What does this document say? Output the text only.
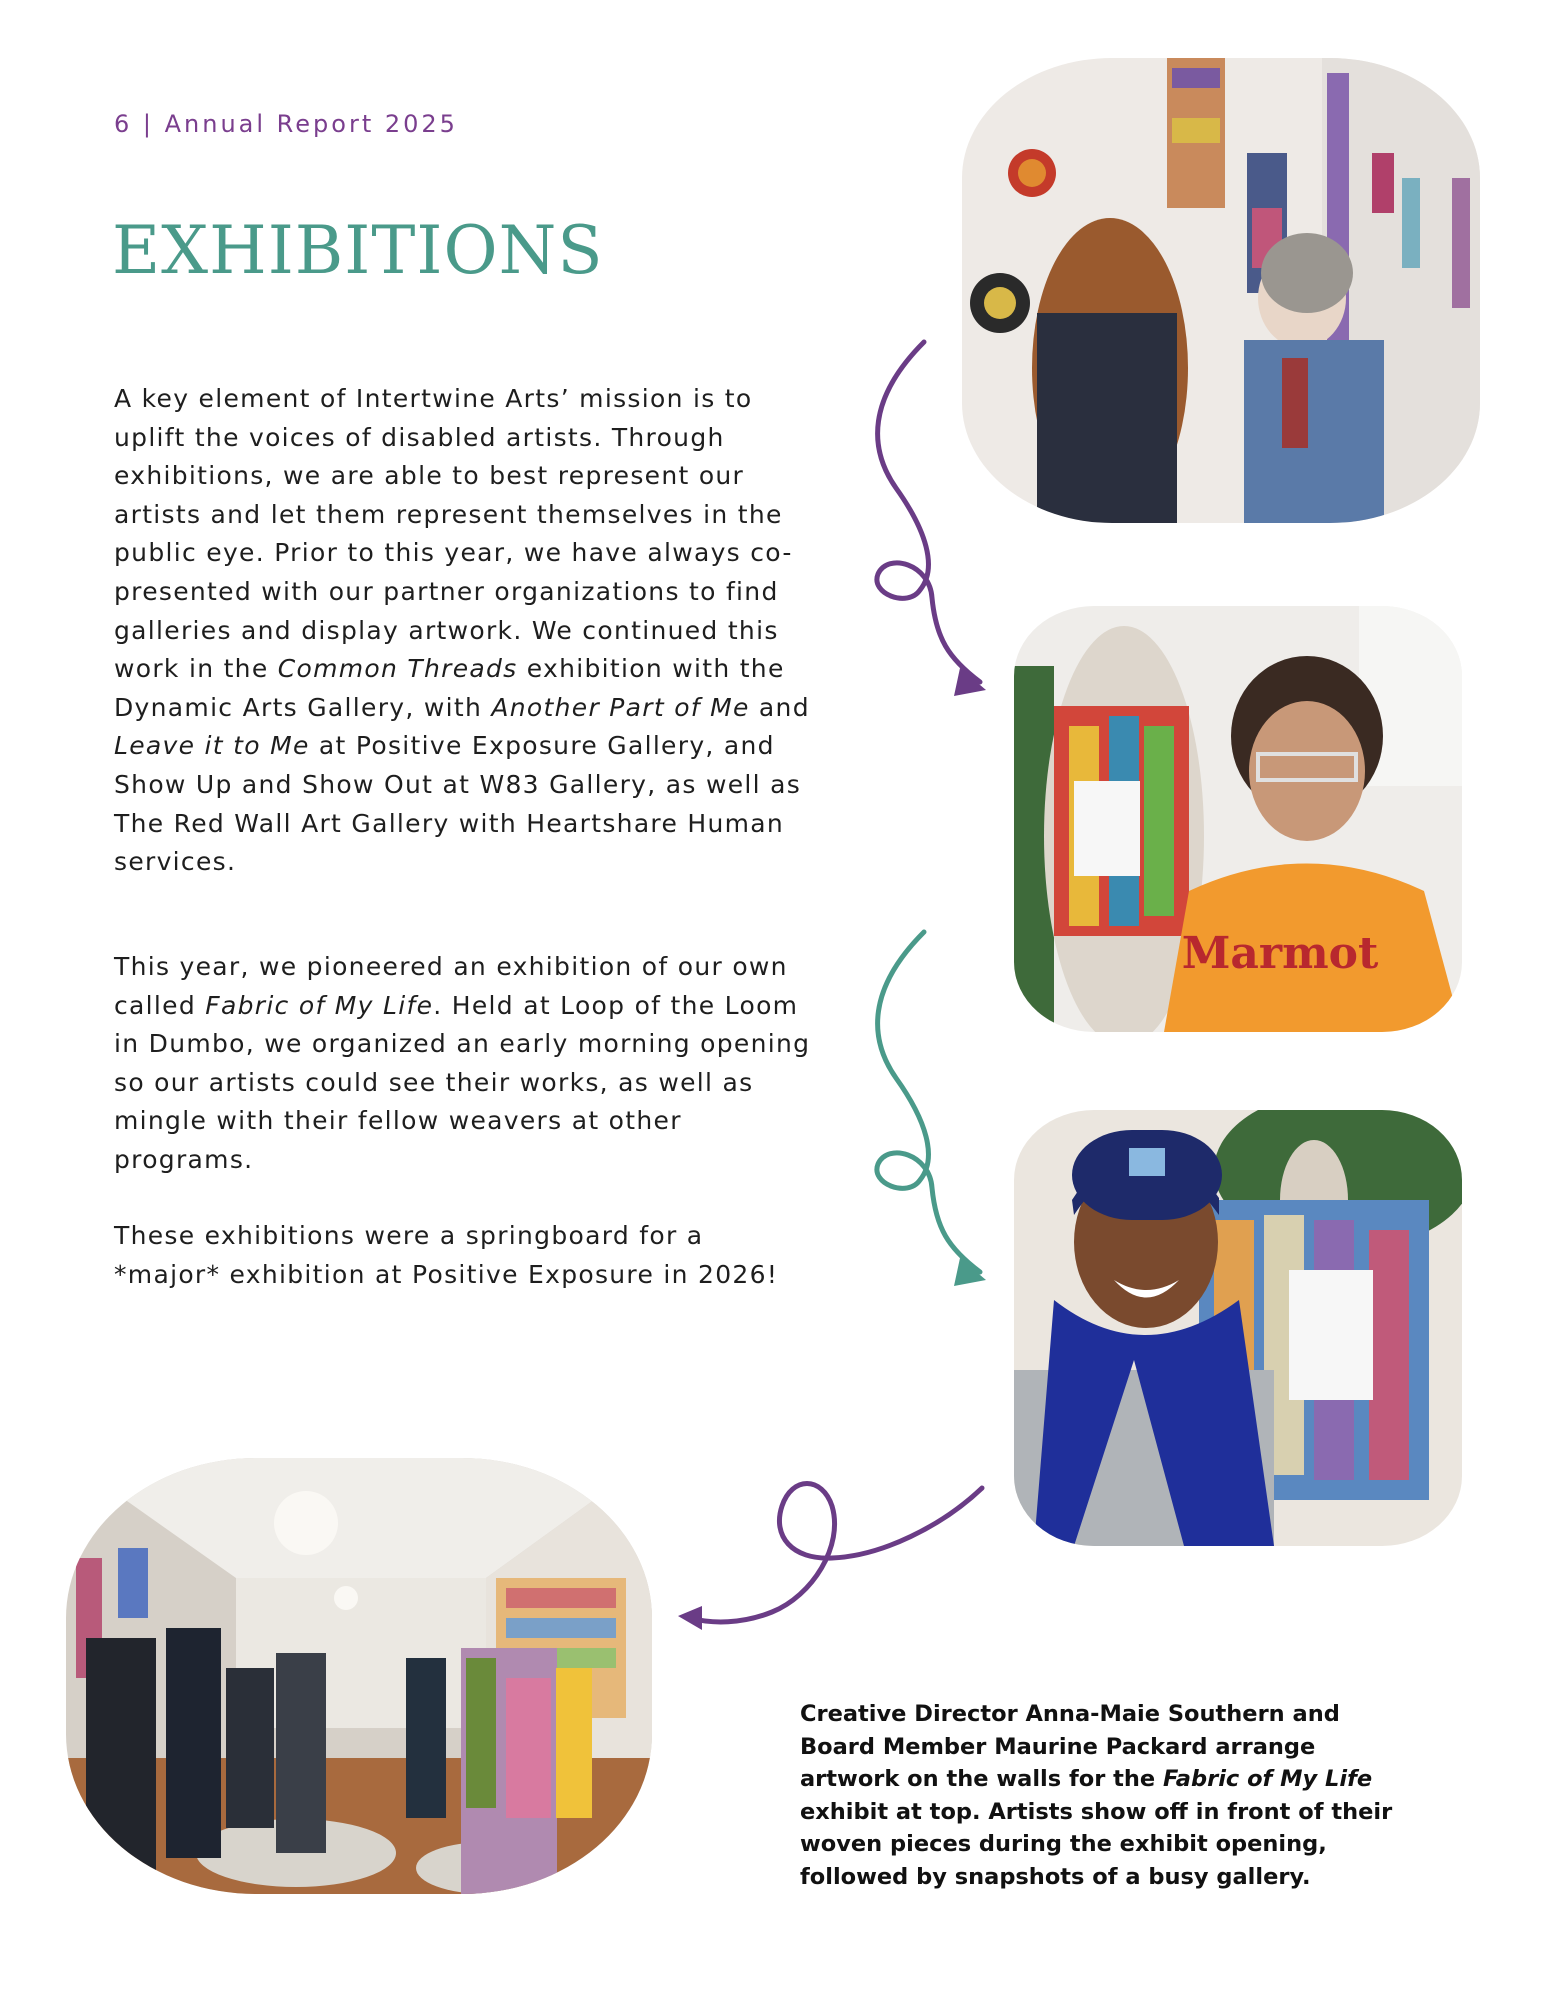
6 | Annual Report 2025
EXHIBITIONS
A key element of Intertwine Arts’ mission is to uplift the voices of disabled artists. Through exhibitions, we are able to best represent our artists and let them represent themselves in the public eye. Prior to this year, we have always co-presented with our partner organizations to find galleries and display artwork. We continued this work in the Common Threads exhibition with the Dynamic Arts Gallery, with Another Part of Me and Leave it to Me at Positive Exposure Gallery, and Show Up and Show Out at W83 Gallery, as well as The Red Wall Art Gallery with Heartshare Human services.
This year, we pioneered an exhibition of our own called Fabric of My Life. Held at Loop of the Loom in Dumbo, we organized an early morning opening so our artists could see their works, as well as mingle with their fellow weavers at other programs.
These exhibitions were a springboard for a *major* exhibition at Positive Exposure in 2026!
Marmot
Creative Director Anna-Maie Southern and Board Member Maurine Packard arrange artwork on the walls for the Fabric of My Life exhibit at top. Artists show off in front of their woven pieces during the exhibit opening, followed by snapshots of a busy gallery.
